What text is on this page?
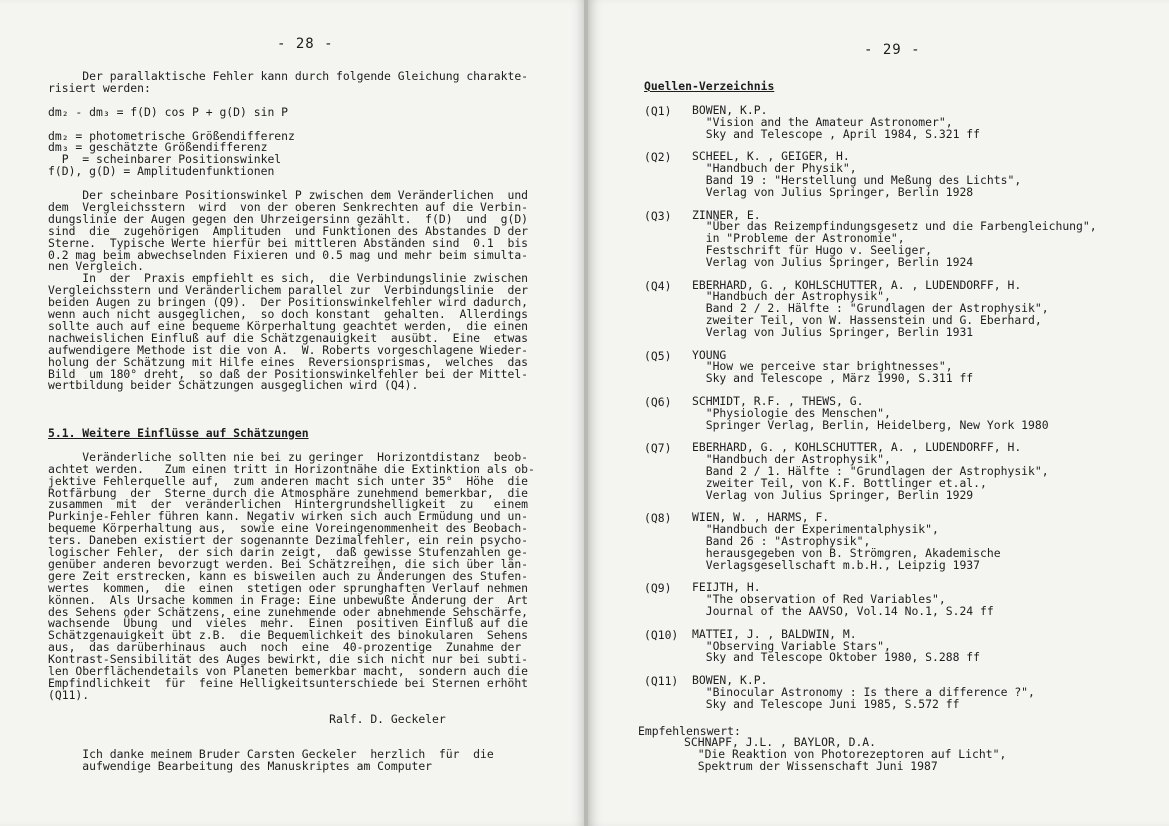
- 28 -
Der parallaktische Fehler kann durch folgende Gleichung charakte-
risiert werden:
dm₂ - dm₃ = f(D) cos P + g(D) sin P
dm₂ = photometrische Größendifferenz
dm₃ = geschätzte Größendifferenz
P  = scheinbarer Positionswinkel
f(D), g(D) = Amplitudenfunktionen
Der scheinbare Positionswinkel P zwischen dem Veränderlichen  und
dem  Vergleichsstern  wird  von der oberen Senkrechten auf die Verbin-
dungslinie der Augen gegen den Uhrzeigersinn gezählt.  f(D)  und  g(D)
sind  die  zugehörigen  Amplituden  und Funktionen des Abstandes D der
Sterne.  Typische Werte hierfür bei mittleren Abständen sind  0.1  bis
0.2 mag beim abwechselnden Fixieren und 0.5 mag und mehr beim simulta-
nen Vergleich.
In  der  Praxis empfiehlt es sich,  die Verbindungslinie zwischen
Vergleichsstern und Veränderlichem parallel zur  Verbindungslinie  der
beiden Augen zu bringen (Q9).  Der Positionswinkelfehler wird dadurch,
wenn auch nicht ausgeglichen,  so doch konstant  gehalten.  Allerdings
sollte auch auf eine bequeme Körperhaltung geachtet werden,  die einen
nachweislichen Einfluß auf die Schätzgenauigkeit  ausübt.  Eine  etwas
aufwendigere Methode ist die von A.  W. Roberts vorgeschlagene Wieder-
holung der Schätzung mit Hilfe eines  Reversionsprismas,  welches  das
Bild  um 180° dreht,  so daß der Positionswinkelfehler bei der Mittel-
wertbildung beider Schätzungen ausgeglichen wird (Q4).
5.1. Weitere Einflüsse auf Schätzungen
Veränderliche sollten nie bei zu geringer  Horizontdistanz  beob-
achtet werden.   Zum einen tritt in Horizontnähe die Extinktion als ob-
jektive Fehlerquelle auf,  zum anderen macht sich unter 35°  Höhe  die
Rotfärbung  der  Sterne durch die Atmosphäre zunehmend bemerkbar,  die
zusammen  mit  der  veränderlichen  Hintergrundshelligkeit  zu   einem
Purkinje-Fehler führen kann. Negativ wirken sich auch Ermüdung und un-
bequeme Körperhaltung aus,  sowie eine Voreingenommenheit des Beobach-
ters. Daneben existiert der sogenannte Dezimalfehler, ein rein psycho-
logischer Fehler,  der sich darin zeigt,  daß gewisse Stufenzahlen ge-
genüber anderen bevorzugt werden. Bei Schätzreihen, die sich über län-
gere Zeit erstrecken, kann es bisweilen auch zu Änderungen des Stufen-
wertes  kommen,  die  einen  stetigen oder sprunghaften Verlauf nehmen
können.  Als Ursache kommen in Frage: Eine unbewußte Änderung der  Art
des Sehens oder Schätzens, eine zunehmende oder abnehmende Sehschärfe,
wachsende  Übung  und  vieles  mehr.  Einen  positiven Einfluß auf die
Schätzgenauigkeit übt z.B.  die Bequemlichkeit des binokularen  Sehens
aus,  das darüberhinaus  auch  noch  eine  40-prozentige  Zunahme der
Kontrast-Sensibilität des Auges bewirkt, die sich nicht nur bei subti-
len Oberflächendetails von Planeten bemerkbar macht,  sondern auch die
Empfindlichkeit  für  feine Helligkeitsunterschiede bei Sternen erhöht
(Q11).
Ralf. D. Geckeler
Ich danke meinem Bruder Carsten Geckeler  herzlich  für  die
aufwendige Bearbeitung des Manuskriptes am Computer
- 29 -
Quellen-Verzeichnis
(Q1) BOWEN, K.P.
"Vision and the Amateur Astronomer",
Sky and Telescope , April 1984, S.321 ff
(Q2) SCHEEL, K. , GEIGER, H.
"Handbuch der Physik",
Band 19 : "Herstellung und Meßung des Lichts",
Verlag von Julius Springer, Berlin 1928
(Q3) ZINNER, E.
"Über das Reizempfindungsgesetz und die Farbengleichung",
in "Probleme der Astronomie",
Festschrift für Hugo v. Seeliger,
Verlag von Julius Springer, Berlin 1924
(Q4) EBERHARD, G. , KOHLSCHUTTER, A. , LUDENDORFF, H.
"Handbuch der Astrophysik",
Band 2 / 2. Hälfte : "Grundlagen der Astrophysik",
zweiter Teil, von W. Hassenstein und G. Eberhard,
Verlag von Julius Springer, Berlin 1931
(Q5) YOUNG
"How we perceive star brightnesses",
Sky and Telescope , März 1990, S.311 ff
(Q6) SCHMIDT, R.F. , THEWS, G.
"Physiologie des Menschen",
Springer Verlag, Berlin, Heidelberg, New York 1980
(Q7) EBERHARD, G. , KOHLSCHUTTER, A. , LUDENDORFF, H.
"Handbuch der Astrophysik",
Band 2 / 1. Hälfte : "Grundlagen der Astrophysik",
zweiter Teil, von K.F. Bottlinger et.al.,
Verlag von Julius Springer, Berlin 1929
(Q8) WIEN, W. , HARMS, F.
"Handbuch der Experimentalphysik",
Band 26 : "Astrophysik",
herausgegeben von B. Strömgren, Akademische
Verlagsgesellschaft m.b.H., Leipzig 1937
(Q9) FEIJTH, H.
"The observation of Red Variables",
Journal of the AAVSO, Vol.14 No.1, S.24 ff
(Q10) MATTEI, J. , BALDWIN, M.
"Observing Variable Stars",
Sky and Telescope Oktober 1980, S.288 ff
(Q11) BOWEN, K.P.
"Binocular Astronomy : Is there a difference ?",
Sky and Telescope Juni 1985, S.572 ff
Empfehlenswert:
SCHNAPF, J.L. , BAYLOR, D.A.
"Die Reaktion von Photorezeptoren auf Licht",
Spektrum der Wissenschaft Juni 1987
